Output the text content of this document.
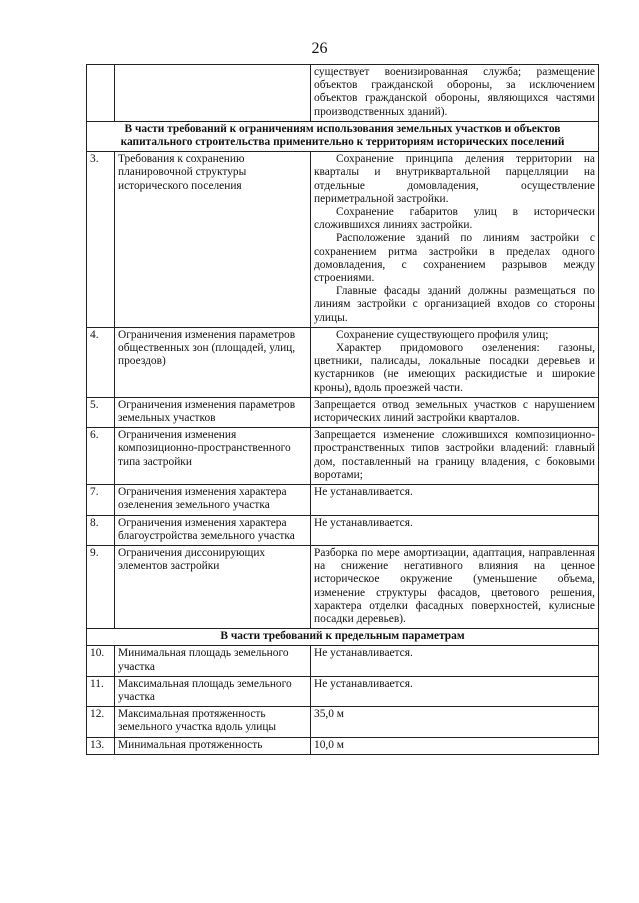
26
		существует военизированная служба; размещение объектов гражданской обороны, за исключением объектов гражданской обороны, являющихся частями производственных зданий).
В части требований к ограничениям использования земельных участков и объектов капитального строительства применительно к территориям исторических поселений		
3.	Требования к сохранению планировочной структуры исторического поселения	Сохранение принципа деления территории на кварталы и внутриквартальной парцелляции на отдельные домовладения, осуществление периметральной застройки.

Сохранение габаритов улиц в исторически сложившихся линиях застройки.

Расположение зданий по линиям застройки с сохранением ритма застройки в пределах одного домовладения, с сохранением разрывов между строениями.

Главные фасады зданий должны размещаться по линиям застройки с организацией входов со стороны улицы.

4.	Ограничения изменения параметров общественных зон (площадей, улиц, проездов)	Сохранение существующего профиля улиц;

Характер придомового озеленения: газоны, цветники, палисады, локальные посадки деревьев и кустарников (не имеющих раскидистые и широкие кроны), вдоль проезжей части.

5.	Ограничения изменения параметров земельных участков	Запрещается отвод земельных участков с нарушением исторических линий застройки кварталов.
6.	Ограничения изменения композиционно-пространственного типа застройки	Запрещается изменение сложившихся композиционно-пространственных типов застройки владений: главный дом, поставленный на границу владения, с боковыми воротами;
7.	Ограничения изменения характера озеленения земельного участка	Не устанавливается.
8.	Ограничения изменения характера благоустройства земельного участка	Не устанавливается.
9.	Ограничения диссонирующих элементов застройки	Разборка по мере амортизации, адаптация, направленная на снижение негативного влияния на ценное историческое окружение (уменьшение объема, изменение структуры фасадов, цветового решения, характера отделки фасадных поверхностей, кулисные посадки деревьев).
В части требований к предельным параметрам		
10.	Минимальная площадь земельного участка	Не устанавливается.
11.	Максимальная площадь земельного участка	Не устанавливается.
12.	Максимальная протяженность земельного участка вдоль улицы	35,0 м
13.	Минимальная протяженность	10,0 м
